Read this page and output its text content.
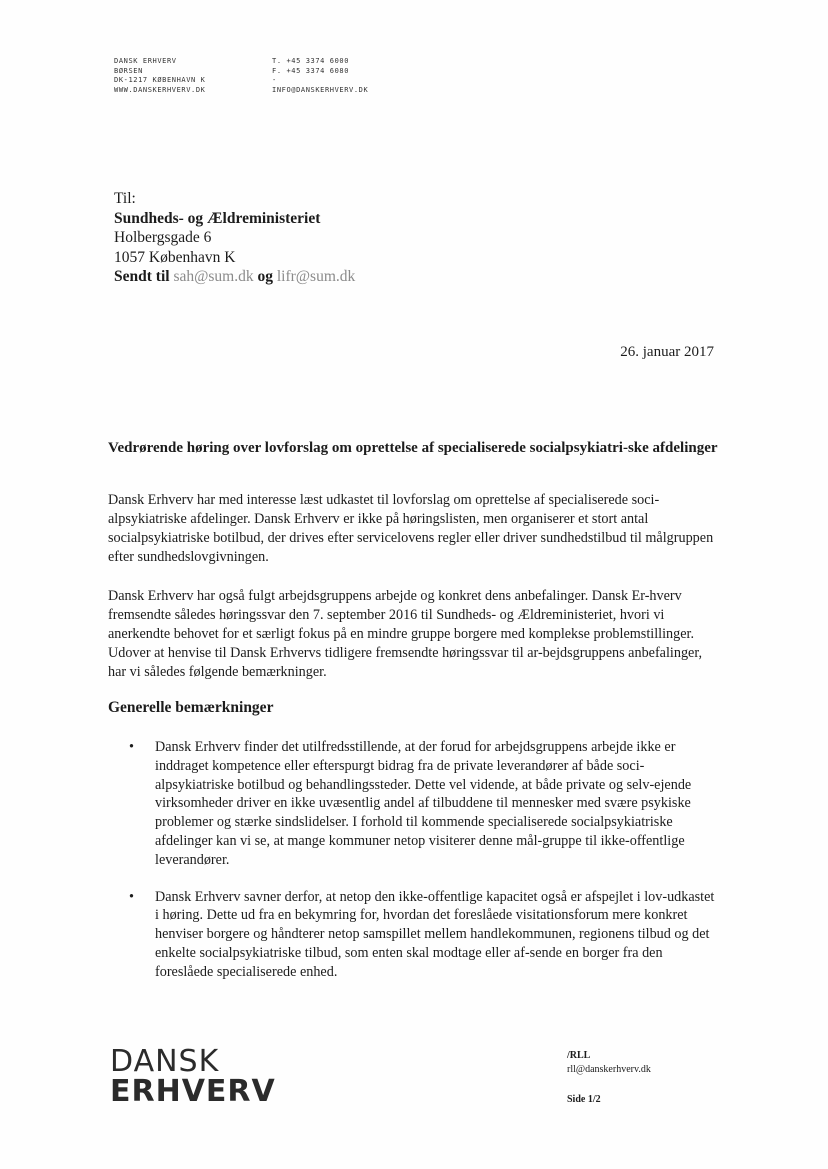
DANSK ERHVERV
BØRSEN
DK-1217 KØBENHAVN K
WWW.DANSKERHVERV.DK
T. +45 3374 6000
F. +45 3374 6080
-
INFO@DANSKERHVERV.DK
Til:
Sundheds- og Ældreministeriet
Holbergsgade 6
1057 København K
Sendt til sah@sum.dk og lifr@sum.dk
26. januar 2017
Vedrørende høring over lovforslag om oprettelse af specialiserede socialpsykiatri-ske afdelinger
Dansk Erhverv har med interesse læst udkastet til lovforslag om oprettelse af specialiserede soci-alpsykiatriske afdelinger. Dansk Erhverv er ikke på høringslisten, men organiserer et stort antal socialpsykiatriske botilbud, der drives efter servicelovens regler eller driver sundhedstilbud til målgruppen efter sundhedslovgivningen.
Dansk Erhverv har også fulgt arbejdsgruppens arbejde og konkret dens anbefalinger. Dansk Er-hverv fremsendte således høringssvar den 7. september 2016 til Sundheds- og Ældreministeriet, hvori vi anerkendte behovet for et særligt fokus på en mindre gruppe borgere med komplekse problemstillinger. Udover at henvise til Dansk Erhvervs tidligere fremsendte høringssvar til ar-bejdsgruppens anbefalinger, har vi således følgende bemærkninger.
Generelle bemærkninger
• Dansk Erhverv finder det utilfredsstillende, at der forud for arbejdsgruppens arbejde ikke er inddraget kompetence eller efterspurgt bidrag fra de private leverandører af både soci-alpsykiatriske botilbud og behandlingssteder. Dette vel vidende, at både private og selv-ejende virksomheder driver en ikke uvæsentlig andel af tilbuddene til mennesker med svære psykiske problemer og stærke sindslidelser. I forhold til kommende specialiserede socialpsykiatriske afdelinger kan vi se, at mange kommuner netop visiterer denne mål-gruppe til ikke-offentlige leverandører.
• Dansk Erhverv savner derfor, at netop den ikke-offentlige kapacitet også er afspejlet i lov-udkastet i høring. Dette ud fra en bekymring for, hvordan det foreslåede visitationsforum mere konkret henviser borgere og håndterer netop samspillet mellem handlekommunen, regionens tilbud og det enkelte socialpsykiatriske tilbud, som enten skal modtage eller af-sende en borger fra den foreslåede specialiserede enhed.
DANSK
ERHVERV
/RLL
rll@danskerhverv.dk
Side 1/2
